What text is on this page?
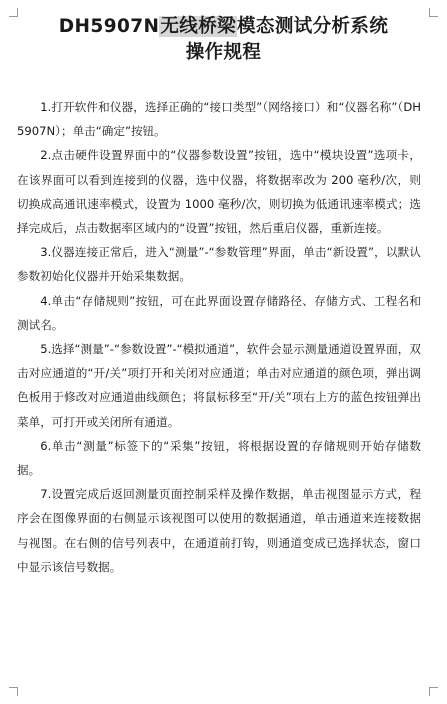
DH5907N无线桥梁模态测试分析系统
操作规程

1.打开软件和仪器，选择正确的“接口类型”（网络接口）和“仪器名称”（DH5907N）；单击“确定”按钮。

2.点击硬件设置界面中的“仪器参数设置”按钮，选中“模块设置”选项卡，在该界面可以看到连接到的仪器，选中仪器，将数据率改为 200 毫秒/次，则切换成高通讯速率模式，设置为 1000 毫秒/次，则切换为低通讯速率模式；选择完成后，点击数据率区域内的“设置”按钮，然后重启仪器，重新连接。

3.仪器连接正常后，进入“测量”-“参数管理”界面，单击“新设置”，以默认参数初始化仪器并开始采集数据。

4.单击“存储规则”按钮，可在此界面设置存储路径、存储方式、工程名和测试名。

5.选择“测量”-“参数设置”-“模拟通道”，软件会显示测量通道设置界面，双击对应通道的“开/关”项打开和关闭对应通道；单击对应通道的颜色项，弹出调色板用于修改对应通道曲线颜色；将鼠标移至“开/关”项右上方的蓝色按钮弹出菜单，可打开或关闭所有通道。

6.单击“测量”标签下的“采集”按钮，将根据设置的存储规则开始存储数据。

7.设置完成后返回测量页面控制采样及操作数据，单击视图显示方式，程序会在图像界面的右侧显示该视图可以使用的数据通道，单击通道来连接数据与视图。在右侧的信号列表中，在通道前打钩，则通道变成已选择状态，窗口中显示该信号数据。
